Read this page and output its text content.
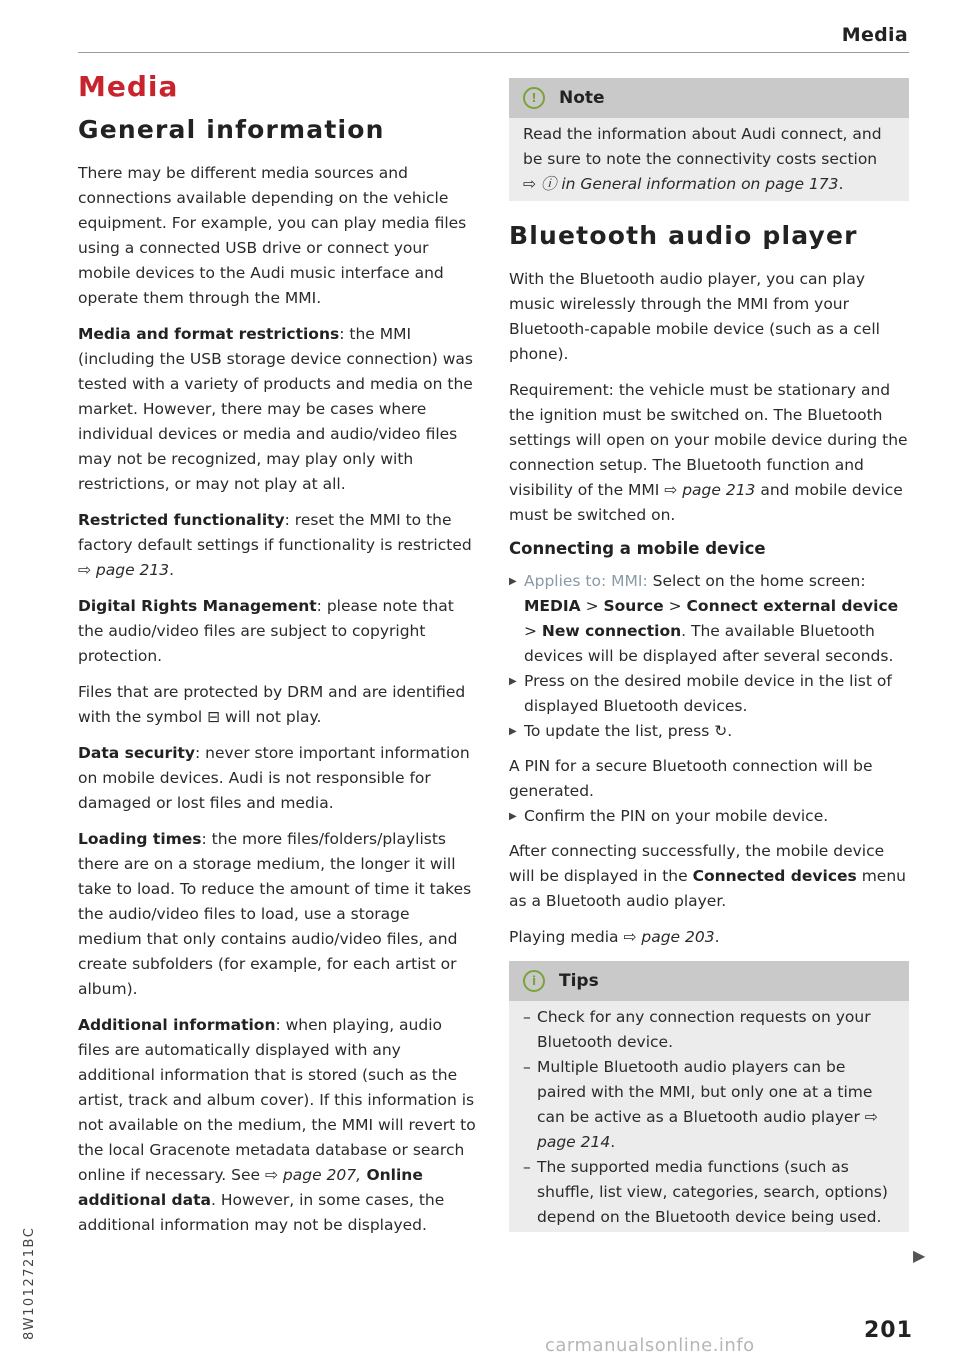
Media
8W1012721BC
Media
General information

There may be different media sources and connections available depending on the vehicle equipment. For example, you can play media files using a connected USB drive or connect your mobile devices to the Audi music interface and operate them through the MMI.

Media and format restrictions: the MMI (including the USB storage device connection) was tested with a variety of products and media on the market. However, there may be cases where individual devices or media and audio/video files may not be recognized, may play only with restrictions, or may not play at all.

Restricted functionality: reset the MMI to the factory default settings if functionality is restricted ⇨ page 213.

Digital Rights Management: please note that the audio/video files are subject to copyright protection.

Files that are protected by DRM and are identified with the symbol ⊟ will not play.

Data security: never store important information on mobile devices. Audi is not responsible for damaged or lost files and media.

Loading times: the more files/folders/playlists there are on a storage medium, the longer it will take to load. To reduce the amount of time it takes the audio/video files to load, use a storage medium that only contains audio/video files, and create subfolders (for example, for each artist or album).

Additional information: when playing, audio files are automatically displayed with any additional information that is stored (such as the artist, track and album cover). If this information is not available on the medium, the MMI will revert to the local Gracenote metadata database or search online if necessary. See ⇨ page 207, Online additional data. However, in some cases, the additional information may not be displayed.

!	Note

Read the information about Audi connect, and be sure to note the connectivity costs section ⇨ ⓘ in General information on page 173.

Bluetooth audio player

With the Bluetooth audio player, you can play music wirelessly through the MMI from your Bluetooth-capable mobile device (such as a cell phone).

Requirement: the vehicle must be stationary and the ignition must be switched on. The Bluetooth settings will open on your mobile device during the connection setup. The Bluetooth function and visibility of the MMI ⇨ page 213 and mobile device must be switched on.

Connecting a mobile device
▶ Applies to: MMI: Select on the home screen: MEDIA > Source > Connect external device > New connection. The available Bluetooth devices will be displayed after several seconds.
▶ Press on the desired mobile device in the list of displayed Bluetooth devices.
▶ To update the list, press ↻.

A PIN for a secure Bluetooth connection will be generated.

▶ Confirm the PIN on your mobile device.

After connecting successfully, the mobile device will be displayed in the Connected devices menu as a Bluetooth audio player.

Playing media ⇨ page 203.

i	Tips
– Check for any connection requests on your Bluetooth device.
– Multiple Bluetooth audio players can be paired with the MMI, but only one at a time can be active as a Bluetooth audio player ⇨ page 214.
– The supported media functions (such as shuffle, list view, categories, search, options) depend on the Bluetooth device being used.
▶
201
carmanualsonline.info
